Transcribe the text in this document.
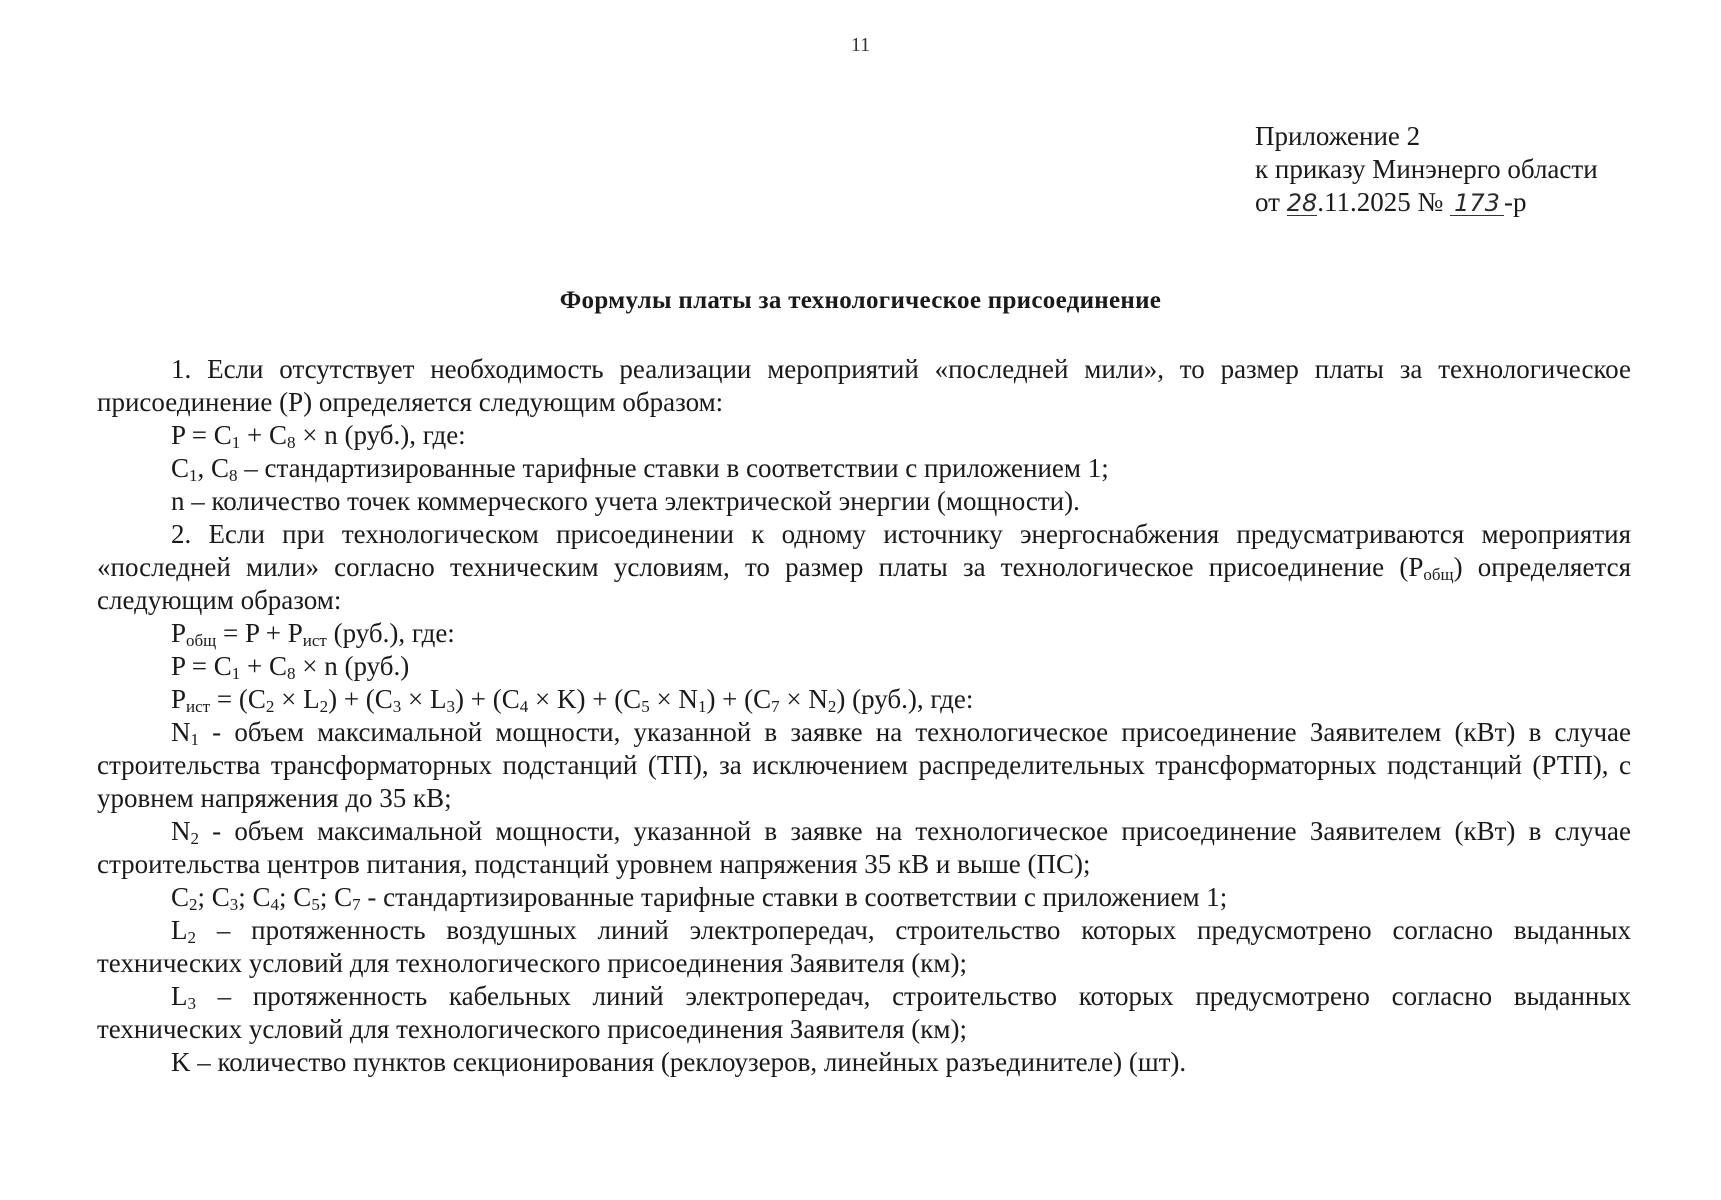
11
Приложение 2
к приказу Минэнерго области
от 28.11.2025 № 173 -р
Формулы платы за технологическое присоединение

1. Если отсутствует необходимость реализации мероприятий «последней мили», то размер платы за технологическое присоединение (P) определяется следующим образом:

$P = C_1 + C_8 \times n$ (руб.), где:

$C_1$, $C_8$ – стандартизированные тарифные ставки в соответствии с приложением 1;

n – количество точек коммерческого учета электрической энергии (мощности).

2. Если при технологическом присоединении к одному источнику энергоснабжения предусматриваются мероприятия «последней мили» согласно техническим условиям, то размер платы за технологическое присоединение $(P_{общ})$ определяется следующим образом:

$P_{общ} = P + P_{ист}$ (руб.), где:

$P = C_1 + C_8 \times n$ (руб.)

$P_{ист} = (C_2 \times L_2) + (C_3 \times L_3) + (C_4 \times K) + (C_5 \times N_1) + (C_7 \times N_2)$ (руб.), где:

$N_1$ - объем максимальной мощности, указанной в заявке на технологическое присоединение Заявителем (кВт) в случае строительства трансформаторных подстанций (ТП), за исключением распределительных трансформаторных подстанций (РТП), с уровнем напряжения до 35 кВ;

$N_2$ - объем максимальной мощности, указанной в заявке на технологическое присоединение Заявителем (кВт) в случае строительства центров питания, подстанций уровнем напряжения 35 кВ и выше (ПС);

$C_2$; $C_3$; $C_4$; $C_5$; $C_7$ - стандартизированные тарифные ставки в соответствии с приложением 1;

$L_2$ – протяженность воздушных линий электропередач, строительство которых предусмотрено согласно выданных технических условий для технологического присоединения Заявителя (км);

$L_3$ – протяженность кабельных линий электропередач, строительство которых предусмотрено согласно выданных технических условий для технологического присоединения Заявителя (км);

K – количество пунктов секционирования (реклоузеров, линейных разъединителе) (шт).
